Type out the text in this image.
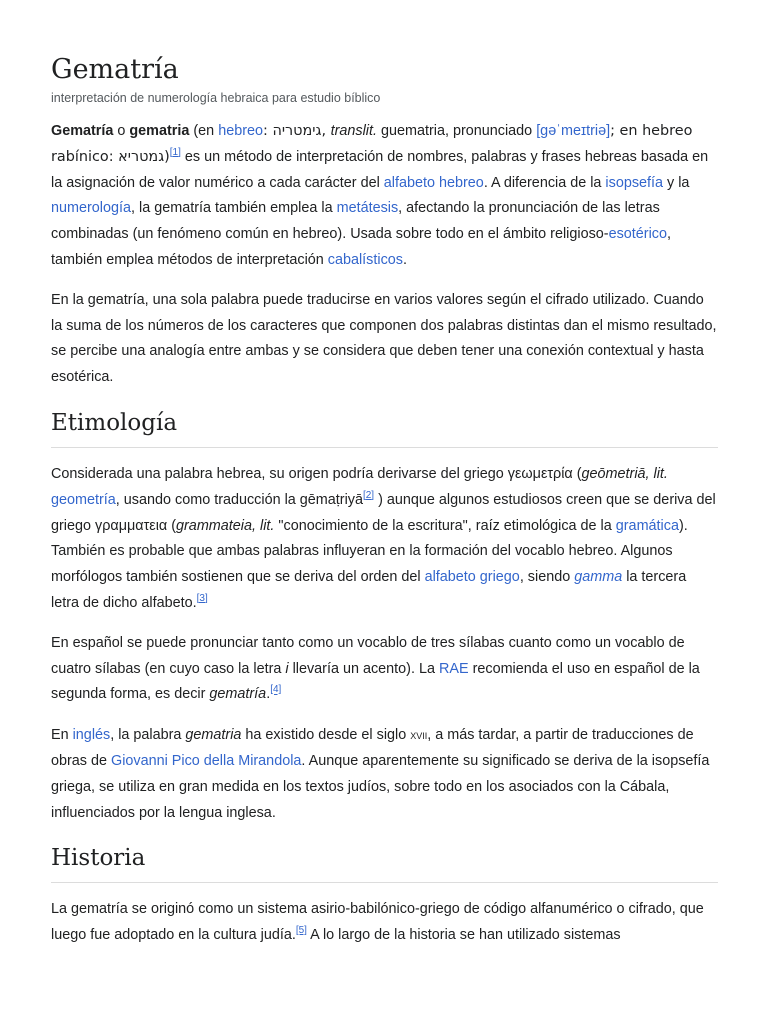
Gematría
interpretación de numerología hebraica para estudio bíblico

Gematría o gematria (en hebreo: גימטריה, translit. guematria, pronunciado [ɡəˈmeɪtriə]; en hebreo rabínico: גמטריא)[1] es un método de interpretación de nombres, palabras y frases hebreas basada en la asignación de valor numérico a cada carácter del alfabeto hebreo. A diferencia de la isopsefía y la numerología, la gematría también emplea la metátesis, afectando la pronunciación de las letras combinadas (un fenómeno común en hebreo). Usada sobre todo en el ámbito religioso-esotérico, también emplea métodos de interpretación cabalísticos.

En la gematría, una sola palabra puede traducirse en varios valores según el cifrado utilizado. Cuando la suma de los números de los caracteres que componen dos palabras distintas dan el mismo resultado, se percibe una analogía entre ambas y se considera que deben tener una conexión contextual y hasta esotérica.

Etimología

Considerada una palabra hebrea, su origen podría derivarse del griego γεωμετρία (geōmetriā, lit. geometría, usando como traducción la gēmaṭriyā[2] ) aunque algunos estudiosos creen que se deriva del griego γραμματεια (grammateia, lit. "conocimiento de la escritura", raíz etimológica de la gramática). También es probable que ambas palabras influyeran en la formación del vocablo hebreo. Algunos morfólogos también sostienen que se deriva del orden del alfabeto griego, siendo gamma la tercera letra de dicho alfabeto.[3]

En español se puede pronunciar tanto como un vocablo de tres sílabas cuanto como un vocablo de cuatro sílabas (en cuyo caso la letra i llevaría un acento). La RAE recomienda el uso en español de la segunda forma, es decir gematría.[4]

En inglés, la palabra gematria ha existido desde el siglo xvii, a más tardar, a partir de traducciones de obras de Giovanni Pico della Mirandola. Aunque aparentemente su significado se deriva de la isopsefía griega, se utiliza en gran medida en los textos judíos, sobre todo en los asociados con la Cábala, influenciados por la lengua inglesa.

Historia

La gematría se originó como un sistema asirio-babilónico-griego de código alfanumérico o cifrado, que luego fue adoptado en la cultura judía.[5] A lo largo de la historia se han utilizado sistemas
